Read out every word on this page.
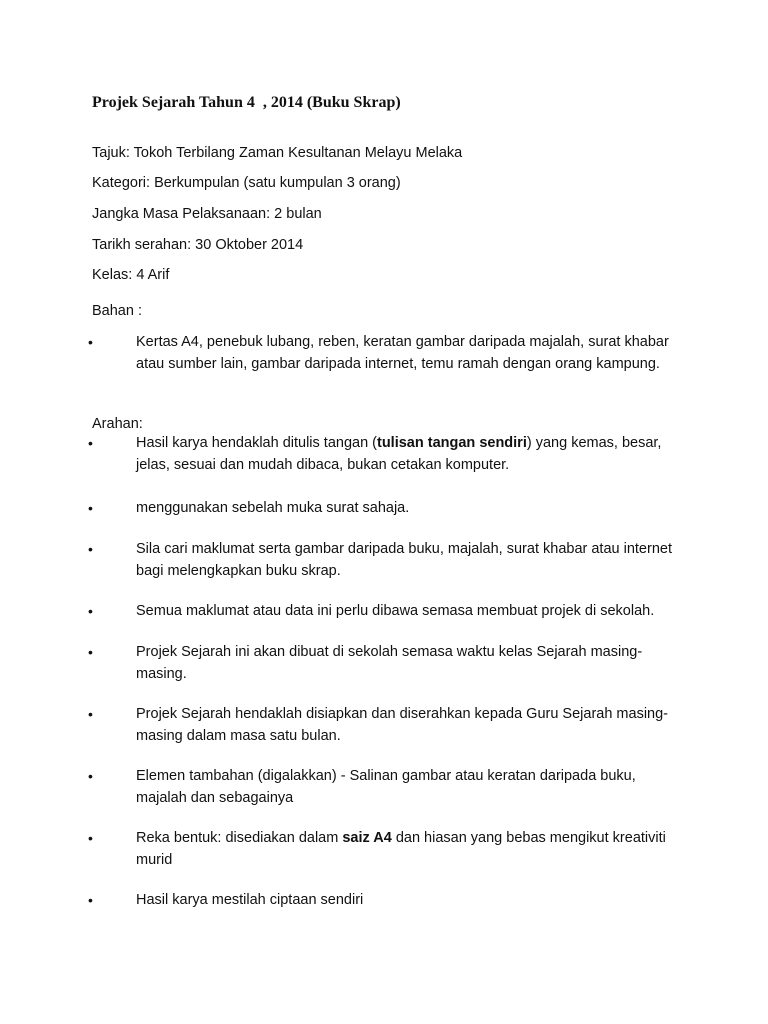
Projek Sejarah Tahun 4  , 2014 (Buku Skrap)

Tajuk: Tokoh Terbilang Zaman Kesultanan Melayu Melaka

Kategori: Berkumpulan (satu kumpulan 3 orang)

Jangka Masa Pelaksanaan: 2 bulan

Tarikh serahan: 30 Oktober 2014

Kelas: 4 Arif

Bahan :

•	Kertas A4, penebuk lubang, reben, keratan gambar daripada majalah, surat khabar atau sumber lain, gambar daripada internet, temu ramah dengan orang kampung.

Arahan:

•	Hasil karya hendaklah ditulis tangan (tulisan tangan sendiri) yang kemas, besar, jelas, sesuai dan mudah dibaca, bukan cetakan komputer.
•	menggunakan sebelah muka surat sahaja.
•	Sila cari maklumat serta gambar daripada buku, majalah, surat khabar atau internet bagi melengkapkan buku skrap.
•	Semua maklumat atau data ini perlu dibawa semasa membuat projek di sekolah.
•	Projek Sejarah ini akan dibuat di sekolah semasa waktu kelas Sejarah masing-masing.
•	Projek Sejarah hendaklah disiapkan dan diserahkan kepada Guru Sejarah masing-masing dalam masa satu bulan.
•	Elemen tambahan (digalakkan) - Salinan gambar atau keratan daripada buku, majalah dan sebagainya
•	Reka bentuk: disediakan dalam saiz A4 dan hiasan yang bebas mengikut kreativiti murid
•	Hasil karya mestilah ciptaan sendiri
